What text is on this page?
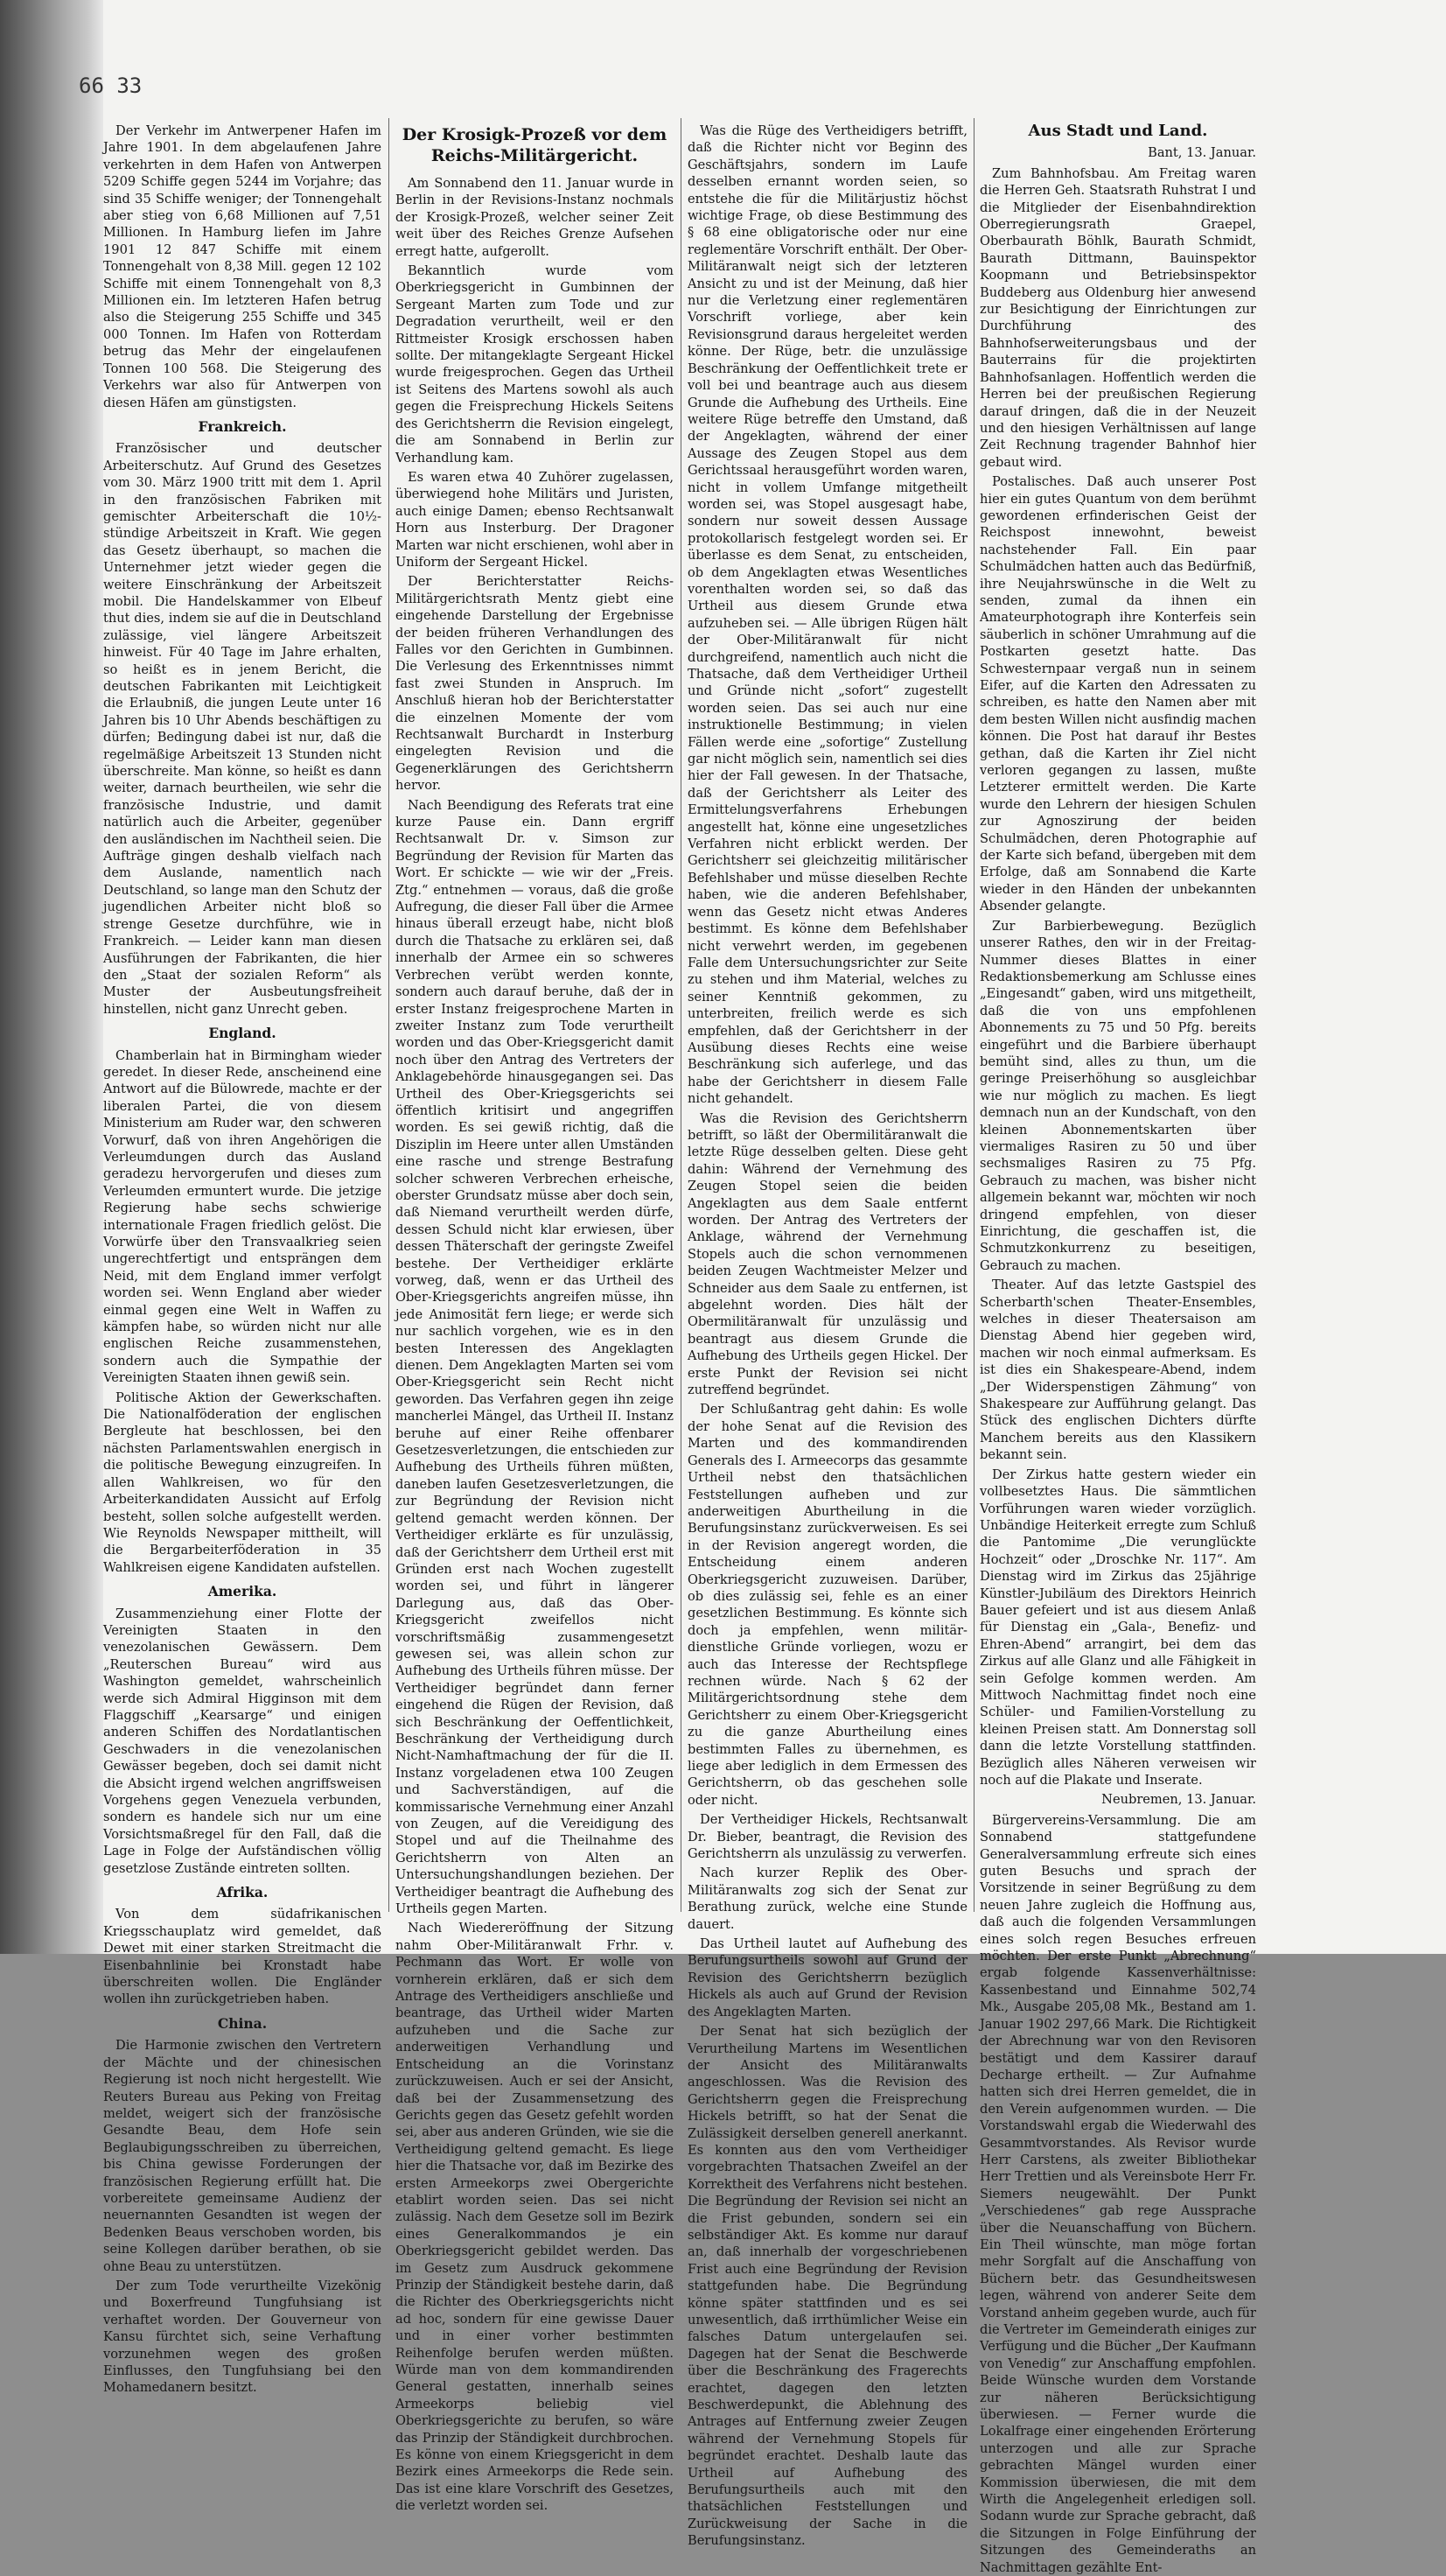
66 33

Der Verkehr im Antwerpener Hafen im Jahre 1901. In dem abgelaufenen Jahre verkehrten in dem Hafen von Antwerpen 5209 Schiffe gegen 5244 im Vorjahre; das sind 35 Schiffe weniger; der Tonnengehalt aber stieg von 6,68 Millionen auf 7,51 Millionen. In Hamburg liefen im Jahre 1901 12 847 Schiffe mit einem Tonnengehalt von 8,38 Mill. gegen 12 102 Schiffe mit einem Tonnengehalt von 8,3 Millionen ein. Im letzteren Hafen betrug also die Steigerung 255 Schiffe und 345 000 Tonnen. Im Hafen von Rotterdam betrug das Mehr der eingelaufenen Tonnen 100 568. Die Steigerung des Verkehrs war also für Antwerpen von diesen Häfen am günstigsten.

Frankreich.

Französischer und deutscher Arbeiterschutz. Auf Grund des Gesetzes vom 30. März 1900 tritt mit dem 1. April in den französischen Fabriken mit gemischter Arbeiterschaft die 10½-stündige Arbeitszeit in Kraft. Wie gegen das Gesetz überhaupt, so machen die Unternehmer jetzt wieder gegen die weitere Einschränkung der Arbeitszeit mobil. Die Handelskammer von Elbeuf thut dies, indem sie auf die in Deutschland zulässige, viel längere Arbeitszeit hinweist. Für 40 Tage im Jahre erhalten, so heißt es in jenem Bericht, die deutschen Fabrikanten mit Leichtigkeit die Erlaubniß, die jungen Leute unter 16 Jahren bis 10 Uhr Abends beschäftigen zu dürfen; Bedingung dabei ist nur, daß die regelmäßige Arbeitszeit 13 Stunden nicht überschreite. Man könne, so heißt es dann weiter, darnach beurtheilen, wie sehr die französische Industrie, und damit natürlich auch die Arbeiter, gegenüber den ausländischen im Nachtheil seien. Die Aufträge gingen deshalb vielfach nach dem Auslande, namentlich nach Deutschland, so lange man den Schutz der jugendlichen Arbeiter nicht bloß so strenge Gesetze durchführe, wie in Frankreich. — Leider kann man diesen Ausführungen der Fabrikanten, die hier den „Staat der sozialen Reform“ als Muster der Ausbeutungsfreiheit hinstellen, nicht ganz Unrecht geben.

England.

Chamberlain hat in Birmingham wieder geredet. In dieser Rede, anscheinend eine Antwort auf die Bülowrede, machte er der liberalen Partei, die von diesem Ministerium am Ruder war, den schweren Vorwurf, daß von ihren Angehörigen die Verleumdungen durch das Ausland geradezu hervorgerufen und dieses zum Verleumden ermuntert wurde. Die jetzige Regierung habe sechs schwierige internationale Fragen friedlich gelöst. Die Vorwürfe über den Transvaalkrieg seien ungerechtfertigt und entsprängen dem Neid, mit dem England immer verfolgt worden sei. Wenn England aber wieder einmal gegen eine Welt in Waffen zu kämpfen habe, so würden nicht nur alle englischen Reiche zusammenstehen, sondern auch die Sympathie der Vereinigten Staaten ihnen gewiß sein.

Politische Aktion der Gewerkschaften. Die Nationalföderation der englischen Bergleute hat beschlossen, bei den nächsten Parlamentswahlen energisch in die politische Bewegung einzugreifen. In allen Wahlkreisen, wo für den Arbeiterkandidaten Aussicht auf Erfolg besteht, sollen solche aufgestellt werden. Wie Reynolds Newspaper mittheilt, will die Bergarbeiterföderation in 35 Wahlkreisen eigene Kandidaten aufstellen.

Amerika.

Zusammenziehung einer Flotte der Vereinigten Staaten in den venezolanischen Gewässern. Dem „Reuterschen Bureau“ wird aus Washington gemeldet, wahrscheinlich werde sich Admiral Higginson mit dem Flaggschiff „Kearsarge“ und einigen anderen Schiffen des Nordatlantischen Geschwaders in die venezolanischen Gewässer begeben, doch sei damit nicht die Absicht irgend welchen angriffsweisen Vorgehens gegen Venezuela verbunden, sondern es handele sich nur um eine Vorsichtsmaßregel für den Fall, daß die Lage in Folge der Aufständischen völlig gesetzlose Zustände eintreten sollten.

Afrika.

Von dem südafrikanischen Kriegsschauplatz wird gemeldet, daß Dewet mit einer starken Streitmacht die Eisenbahnlinie bei Kronstadt habe überschreiten wollen. Die Engländer wollen ihn zurückgetrieben haben.

China.

Die Harmonie zwischen den Vertretern der Mächte und der chinesischen Regierung ist noch nicht hergestellt. Wie Reuters Bureau aus Peking von Freitag meldet, weigert sich der französische Gesandte Beau, dem Hofe sein Beglaubigungsschreiben zu überreichen, bis China gewisse Forderungen der französischen Regierung erfüllt hat. Die vorbereitete gemeinsame Audienz der neuernannten Gesandten ist wegen der Bedenken Beaus verschoben worden, bis seine Kollegen darüber berathen, ob sie ohne Beau zu unterstützen.

Der zum Tode verurtheilte Vizekönig und Boxerfreund Tungfuhsiang ist verhaftet worden. Der Gouverneur von Kansu fürchtet sich, seine Verhaftung vorzunehmen wegen des großen Einflusses, den Tungfuhsiang bei den Mohamedanern besitzt.

Der Krosigk-Prozeß vor dem Reichs-Militärgericht.

Am Sonnabend den 11. Januar wurde in Berlin in der Revisions-Instanz nochmals der Krosigk-Prozeß, welcher seiner Zeit weit über des Reiches Grenze Aufsehen erregt hatte, aufgerollt.

Bekanntlich wurde vom Oberkriegsgericht in Gumbinnen der Sergeant Marten zum Tode und zur Degradation verurtheilt, weil er den Rittmeister Krosigk erschossen haben sollte. Der mitangeklagte Sergeant Hickel wurde freigesprochen. Gegen das Urtheil ist Seitens des Martens sowohl als auch gegen die Freisprechung Hickels Seitens des Gerichtsherrn die Revision eingelegt, die am Sonnabend in Berlin zur Verhandlung kam.

Es waren etwa 40 Zuhörer zugelassen, überwiegend hohe Militärs und Juristen, auch einige Damen; ebenso Rechtsanwalt Horn aus Insterburg. Der Dragoner Marten war nicht erschienen, wohl aber in Uniform der Sergeant Hickel.

Der Berichterstatter Reichs-Militärgerichtsrath Mentz giebt eine eingehende Darstellung der Ergebnisse der beiden früheren Verhandlungen des Falles vor den Gerichten in Gumbinnen. Die Verlesung des Erkenntnisses nimmt fast zwei Stunden in Anspruch. Im Anschluß hieran hob der Berichterstatter die einzelnen Momente der vom Rechtsanwalt Burchardt in Insterburg eingelegten Revision und die Gegenerklärungen des Gerichtsherrn hervor.

Nach Beendigung des Referats trat eine kurze Pause ein. Dann ergriff Rechtsanwalt Dr. v. Simson zur Begründung der Revision für Marten das Wort. Er schickte — wie wir der „Freis. Ztg.“ entnehmen — voraus, daß die große Aufregung, die dieser Fall über die Armee hinaus überall erzeugt habe, nicht bloß durch die Thatsache zu erklären sei, daß innerhalb der Armee ein so schweres Verbrechen verübt werden konnte, sondern auch darauf beruhe, daß der in erster Instanz freigesprochene Marten in zweiter Instanz zum Tode verurtheilt worden und das Ober-Kriegsgericht damit noch über den Antrag des Vertreters der Anklagebehörde hinausgegangen sei. Das Urtheil des Ober-Kriegsgerichts sei öffentlich kritisirt und angegriffen worden. Es sei gewiß richtig, daß die Disziplin im Heere unter allen Umständen eine rasche und strenge Bestrafung solcher schweren Verbrechen erheische, oberster Grundsatz müsse aber doch sein, daß Niemand verurtheilt werden dürfe, dessen Schuld nicht klar erwiesen, über dessen Thäterschaft der geringste Zweifel bestehe. Der Vertheidiger erklärte vorweg, daß, wenn er das Urtheil des Ober-Kriegsgerichts angreifen müsse, ihn jede Animosität fern liege; er werde sich nur sachlich vorgehen, wie es in den besten Interessen des Angeklagten dienen. Dem Angeklagten Marten sei vom Ober-Kriegsgericht sein Recht nicht geworden. Das Verfahren gegen ihn zeige mancherlei Mängel, das Urtheil II. Instanz beruhe auf einer Reihe offenbarer Gesetzesverletzungen, die entschieden zur Aufhebung des Urtheils führen müßten, daneben laufen Gesetzesverletzungen, die zur Begründung der Revision nicht geltend gemacht werden können. Der Vertheidiger erklärte es für unzulässig, daß der Gerichtsherr dem Urtheil erst mit Gründen erst nach Wochen zugestellt worden sei, und führt in längerer Darlegung aus, daß das Ober-Kriegsgericht zweifellos nicht vorschriftsmäßig zusammengesetzt gewesen sei, was allein schon zur Aufhebung des Urtheils führen müsse. Der Vertheidiger begründet dann ferner eingehend die Rügen der Revision, daß sich Beschränkung der Oeffentlichkeit, Beschränkung der Vertheidigung durch Nicht-Namhaftmachung der für die II. Instanz vorgeladenen etwa 100 Zeugen und Sachverständigen, auf die kommissarische Vernehmung einer Anzahl von Zeugen, auf die Vereidigung des Stopel und auf die Theilnahme des Gerichtsherrn von Alten an Untersuchungshandlungen beziehen. Der Vertheidiger beantragt die Aufhebung des Urtheils gegen Marten.

Nach Wiedereröffnung der Sitzung nahm Ober-Militäranwalt Frhr. v. Pechmann das Wort. Er wolle von vornherein erklären, daß er sich dem Antrage des Vertheidigers anschließe und beantrage, das Urtheil wider Marten aufzuheben und die Sache zur anderweitigen Verhandlung und Entscheidung an die Vorinstanz zurückzuweisen. Auch er sei der Ansicht, daß bei der Zusammensetzung des Gerichts gegen das Gesetz gefehlt worden sei, aber aus anderen Gründen, wie sie die Vertheidigung geltend gemacht. Es liege hier die Thatsache vor, daß im Bezirke des ersten Armeekorps zwei Obergerichte etablirt worden seien. Das sei nicht zulässig. Nach dem Gesetze soll im Bezirk eines Generalkommandos je ein Oberkriegsgericht gebildet werden. Das im Gesetz zum Ausdruck gekommene Prinzip der Ständigkeit bestehe darin, daß die Richter des Oberkriegsgerichts nicht ad hoc, sondern für eine gewisse Dauer und in einer vorher bestimmten Reihenfolge berufen werden müßten. Würde man von dem kommandirenden General gestatten, innerhalb seines Armeekorps beliebig viel Oberkriegsgerichte zu berufen, so wäre das Prinzip der Ständigkeit durchbrochen. Es könne von einem Kriegsgericht in dem Bezirk eines Armeekorps die Rede sein. Das ist eine klare Vorschrift des Gesetzes, die verletzt worden sei.

Was die Rüge des Vertheidigers betrifft, daß die Richter nicht vor Beginn des Geschäftsjahrs, sondern im Laufe desselben ernannt worden seien, so entstehe die für die Militärjustiz höchst wichtige Frage, ob diese Bestimmung des § 68 eine obligatorische oder nur eine reglementäre Vorschrift enthält. Der Ober-Militäranwalt neigt sich der letzteren Ansicht zu und ist der Meinung, daß hier nur die Verletzung einer reglementären Vorschrift vorliege, aber kein Revisionsgrund daraus hergeleitet werden könne. Der Rüge, betr. die unzulässige Beschränkung der Oeffentlichkeit trete er voll bei und beantrage auch aus diesem Grunde die Aufhebung des Urtheils. Eine weitere Rüge betreffe den Umstand, daß der Angeklagten, während der einer Aussage des Zeugen Stopel aus dem Gerichtssaal herausgeführt worden waren, nicht in vollem Umfange mitgetheilt worden sei, was Stopel ausgesagt habe, sondern nur soweit dessen Aussage protokollarisch festgelegt worden sei. Er überlasse es dem Senat, zu entscheiden, ob dem Angeklagten etwas Wesentliches vorenthalten worden sei, so daß das Urtheil aus diesem Grunde etwa aufzuheben sei. — Alle übrigen Rügen hält der Ober-Militäranwalt für nicht durchgreifend, namentlich auch nicht die Thatsache, daß dem Vertheidiger Urtheil und Gründe nicht „sofort“ zugestellt worden seien. Das sei auch nur eine instruktionelle Bestimmung; in vielen Fällen werde eine „sofortige“ Zustellung gar nicht möglich sein, namentlich sei dies hier der Fall gewesen. In der Thatsache, daß der Gerichtsherr als Leiter des Ermittelungsverfahrens Erhebungen angestellt hat, könne eine ungesetzliches Verfahren nicht erblickt werden. Der Gerichtsherr sei gleichzeitig militärischer Befehlshaber und müsse dieselben Rechte haben, wie die anderen Befehlshaber, wenn das Gesetz nicht etwas Anderes bestimmt. Es könne dem Befehlshaber nicht verwehrt werden, im gegebenen Falle dem Untersuchungsrichter zur Seite zu stehen und ihm Material, welches zu seiner Kenntniß gekommen, zu unterbreiten, freilich werde es sich empfehlen, daß der Gerichtsherr in der Ausübung dieses Rechts eine weise Beschränkung sich auferlege, und das habe der Gerichtsherr in diesem Falle nicht gehandelt.

Was die Revision des Gerichtsherrn betrifft, so läßt der Obermilitäranwalt die letzte Rüge desselben gelten. Diese geht dahin: Während der Vernehmung des Zeugen Stopel seien die beiden Angeklagten aus dem Saale entfernt worden. Der Antrag des Vertreters der Anklage, während der Vernehmung Stopels auch die schon vernommenen beiden Zeugen Wachtmeister Melzer und Schneider aus dem Saale zu entfernen, ist abgelehnt worden. Dies hält der Obermilitäranwalt für unzulässig und beantragt aus diesem Grunde die Aufhebung des Urtheils gegen Hickel. Der erste Punkt der Revision sei nicht zutreffend begründet.

Der Schlußantrag geht dahin: Es wolle der hohe Senat auf die Revision des Marten und des kommandirenden Generals des I. Armeecorps das gesammte Urtheil nebst den thatsächlichen Feststellungen aufheben und zur anderweitigen Aburtheilung in die Berufungsinstanz zurückverweisen. Es sei in der Revision angeregt worden, die Entscheidung einem anderen Oberkriegsgericht zuzuweisen. Darüber, ob dies zulässig sei, fehle es an einer gesetzlichen Bestimmung. Es könnte sich doch ja empfehlen, wenn militär-dienstliche Gründe vorliegen, wozu er auch das Interesse der Rechtspflege rechnen würde. Nach § 62 der Militärgerichtsordnung stehe dem Gerichtsherr zu einem Ober-Kriegsgericht zu die ganze Aburtheilung eines bestimmten Falles zu übernehmen, es liege aber lediglich in dem Ermessen des Gerichtsherrn, ob das geschehen solle oder nicht.

Der Vertheidiger Hickels, Rechtsanwalt Dr. Bieber, beantragt, die Revision des Gerichtsherrn als unzulässig zu verwerfen.

Nach kurzer Replik des Ober-Militäranwalts zog sich der Senat zur Berathung zurück, welche eine Stunde dauert.

Das Urtheil lautet auf Aufhebung des Berufungsurtheils sowohl auf Grund der Revision des Gerichtsherrn bezüglich Hickels als auch auf Grund der Revision des Angeklagten Marten.

Der Senat hat sich bezüglich der Verurtheilung Martens im Wesentlichen der Ansicht des Militäranwalts angeschlossen. Was die Revision des Gerichtsherrn gegen die Freisprechung Hickels betrifft, so hat der Senat die Zulässigkeit derselben generell anerkannt. Es konnten aus den vom Vertheidiger vorgebrachten Thatsachen Zweifel an der Korrektheit des Verfahrens nicht bestehen. Die Begründung der Revision sei nicht an die Frist gebunden, sondern sei ein selbständiger Akt. Es komme nur darauf an, daß innerhalb der vorgeschriebenen Frist auch eine Begründung der Revision stattgefunden habe. Die Begründung könne später stattfinden und es sei unwesentlich, daß irrthümlicher Weise ein falsches Datum untergelaufen sei. Dagegen hat der Senat die Beschwerde über die Beschränkung des Fragerechts erachtet, dagegen den letzten Beschwerdepunkt, die Ablehnung des Antrages auf Entfernung zweier Zeugen während der Vernehmung Stopels für begründet erachtet. Deshalb laute das Urtheil auf Aufhebung des Berufungsurtheils auch mit den thatsächlichen Feststellungen und Zurückweisung der Sache in die Berufungsinstanz.

Aus Stadt und Land.
Bant, 13. Januar.

Zum Bahnhofsbau. Am Freitag waren die Herren Geh. Staatsrath Ruhstrat I und die Mitglieder der Eisenbahndirektion Oberregierungsrath Graepel, Oberbaurath Böhlk, Baurath Schmidt, Baurath Dittmann, Bauinspektor Koopmann und Betriebsinspektor Buddeberg aus Oldenburg hier anwesend zur Besichtigung der Einrichtungen zur Durchführung des Bahnhofserweiterungsbaus und der Bauterrains für die projektirten Bahnhofsanlagen. Hoffentlich werden die Herren bei der preußischen Regierung darauf dringen, daß die in der Neuzeit und den hiesigen Verhältnissen auf lange Zeit Rechnung tragender Bahnhof hier gebaut wird.

Postalisches. Daß auch unserer Post hier ein gutes Quantum von dem berühmt gewordenen erfinderischen Geist der Reichspost innewohnt, beweist nachstehender Fall. Ein paar Schulmädchen hatten auch das Bedürfniß, ihre Neujahrswünsche in die Welt zu senden, zumal da ihnen ein Amateurphotograph ihre Konterfeis sein säuberlich in schöner Umrahmung auf die Postkarten gesetzt hatte. Das Schwesternpaar vergaß nun in seinem Eifer, auf die Karten den Adressaten zu schreiben, es hatte den Namen aber mit dem besten Willen nicht ausfindig machen können. Die Post hat darauf ihr Bestes gethan, daß die Karten ihr Ziel nicht verloren gegangen zu lassen, mußte Letzterer ermittelt werden. Die Karte wurde den Lehrern der hiesigen Schulen zur Agnoszirung der beiden Schulmädchen, deren Photographie auf der Karte sich befand, übergeben mit dem Erfolge, daß am Sonnabend die Karte wieder in den Händen der unbekannten Absender gelangte.

Zur Barbierbewegung. Bezüglich unserer Rathes, den wir in der Freitag-Nummer dieses Blattes in einer Redaktionsbemerkung am Schlusse eines „Eingesandt“ gaben, wird uns mitgetheilt, daß die von uns empfohlenen Abonnements zu 75 und 50 Pfg. bereits eingeführt und die Barbiere überhaupt bemüht sind, alles zu thun, um die geringe Preiserhöhung so ausgleichbar wie nur möglich zu machen. Es liegt demnach nun an der Kundschaft, von den kleinen Abonnementskarten über viermaliges Rasiren zu 50 und über sechsmaliges Rasiren zu 75 Pfg. Gebrauch zu machen, was bisher nicht allgemein bekannt war, möchten wir noch dringend empfehlen, von dieser Einrichtung, die geschaffen ist, die Schmutzkonkurrenz zu beseitigen, Gebrauch zu machen.

Theater. Auf das letzte Gastspiel des Scherbarth'schen Theater-Ensembles, welches in dieser Theatersaison am Dienstag Abend hier gegeben wird, machen wir noch einmal aufmerksam. Es ist dies ein Shakespeare-Abend, indem „Der Widerspenstigen Zähmung“ von Shakespeare zur Aufführung gelangt. Das Stück des englischen Dichters dürfte Manchem bereits aus den Klassikern bekannt sein.

Der Zirkus hatte gestern wieder ein vollbesetztes Haus. Die sämmtlichen Vorführungen waren wieder vorzüglich. Unbändige Heiterkeit erregte zum Schluß die Pantomime „Die verunglückte Hochzeit“ oder „Droschke Nr. 117“. Am Dienstag wird im Zirkus das 25jährige Künstler-Jubiläum des Direktors Heinrich Bauer gefeiert und ist aus diesem Anlaß für Dienstag ein „Gala-, Benefiz- und Ehren-Abend“ arrangirt, bei dem das Zirkus auf alle Glanz und alle Fähigkeit in sein Gefolge kommen werden. Am Mittwoch Nachmittag findet noch eine Schüler- und Familien-Vorstellung zu kleinen Preisen statt. Am Donnerstag soll dann die letzte Vorstellung stattfinden. Bezüglich alles Näheren verweisen wir noch auf die Plakate und Inserate.

Neubremen, 13. Januar.

Bürgervereins-Versammlung. Die am Sonnabend stattgefundene Generalversammlung erfreute sich eines guten Besuchs und sprach der Vorsitzende in seiner Begrüßung zu dem neuen Jahre zugleich die Hoffnung aus, daß auch die folgenden Versammlungen eines solch regen Besuches erfreuen möchten. Der erste Punkt „Abrechnung“ ergab folgende Kassenverhältnisse: Kassenbestand und Einnahme 502,74 Mk., Ausgabe 205,08 Mk., Bestand am 1. Januar 1902 297,66 Mark. Die Richtigkeit der Abrechnung war von den Revisoren bestätigt und dem Kassirer darauf Decharge ertheilt. — Zur Aufnahme hatten sich drei Herren gemeldet, die in den Verein aufgenommen wurden. — Die Vorstandswahl ergab die Wiederwahl des Gesammtvorstandes. Als Revisor wurde Herr Carstens, als zweiter Bibliothekar Herr Trettien und als Vereinsbote Herr Fr. Siemers neugewählt. Der Punkt „Verschiedenes“ gab rege Aussprache über die Neuanschaffung von Büchern. Ein Theil wünschte, man möge fortan mehr Sorgfalt auf die Anschaffung von Büchern betr. das Gesundheitswesen legen, während von anderer Seite dem Vorstand anheim gegeben wurde, auch für die Vertreter im Gemeinderath einiges zur Verfügung und die Bücher „Der Kaufmann von Venedig“ zur Anschaffung empfohlen. Beide Wünsche wurden dem Vorstande zur näheren Berücksichtigung überwiesen. — Ferner wurde die Lokalfrage einer eingehenden Erörterung unterzogen und alle zur Sprache gebrachten Mängel wurden einer Kommission überwiesen, die mit dem Wirth die Angelegenheit erledigen soll. Sodann wurde zur Sprache gebracht, daß die Sitzungen in Folge Einführung der Sitzungen des Gemeinderaths an Nachmittagen gezählte Ent-
